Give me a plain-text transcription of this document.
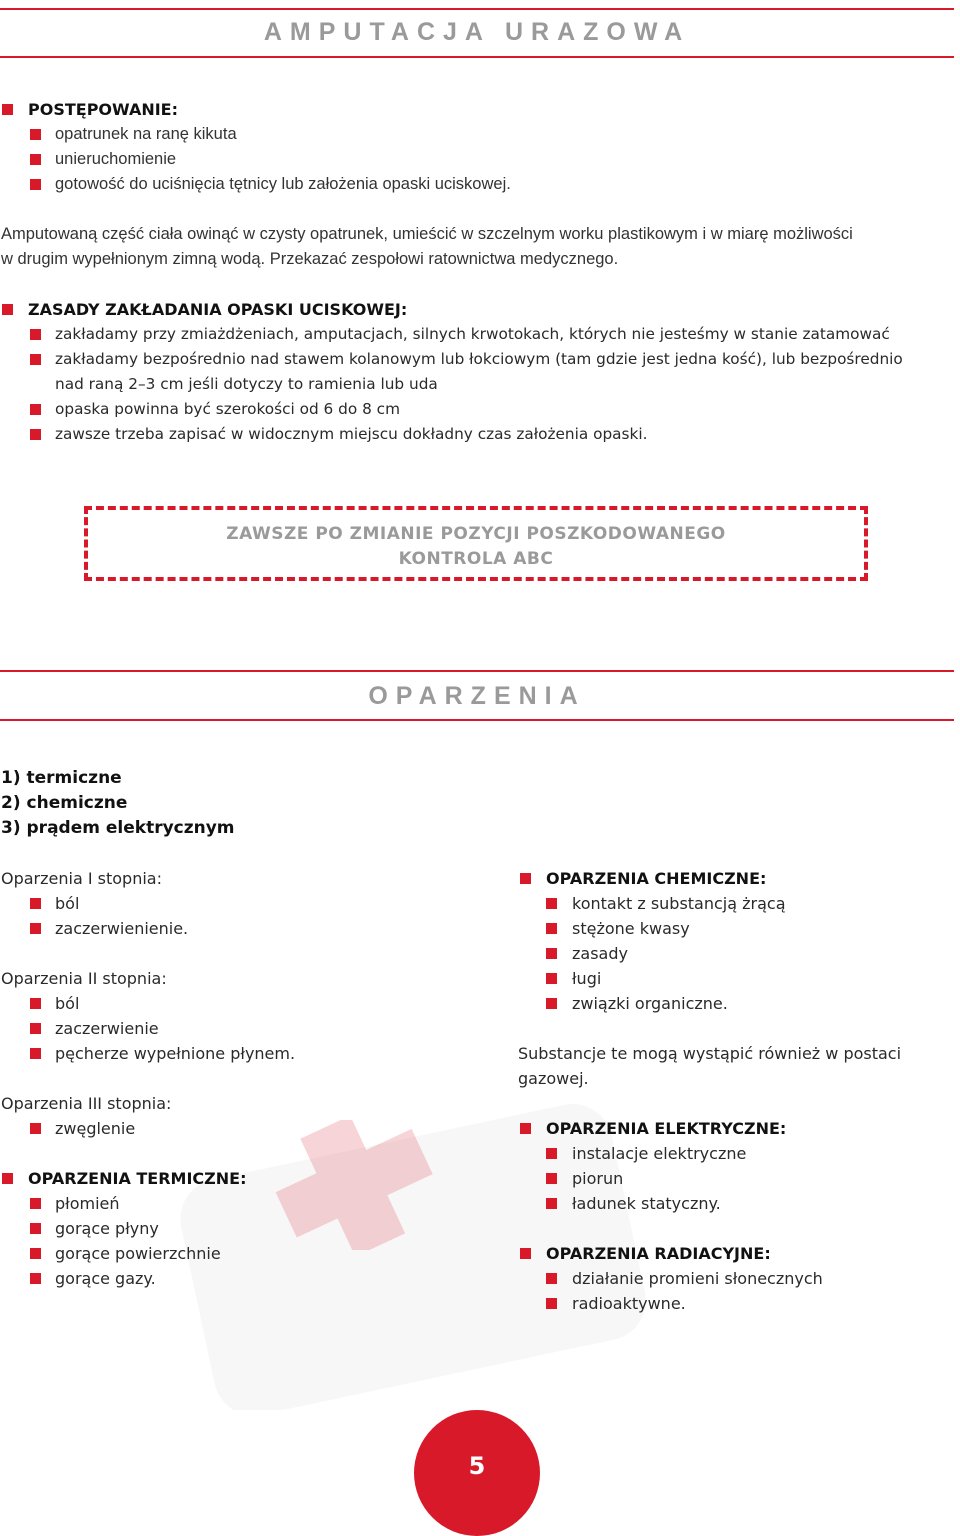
AMPUTACJA URAZOWA
POSTĘPOWANIE:
opatrunek na ranę kikuta
unieruchomienie
gotowość do uciśnięcia tętnicy lub założenia opaski uciskowej.
Amputowaną część ciała owinąć w czysty opatrunek, umieścić w szczelnym worku plastikowym i w miarę możliwości
w drugim wypełnionym zimną wodą. Przekazać zespołowi ratownictwa medycznego.
ZASADY ZAKŁADANIA OPASKI UCISKOWEJ:
zakładamy przy zmiażdżeniach, amputacjach, silnych krwotokach, których nie jesteśmy w stanie zatamować
zakładamy bezpośrednio nad stawem kolanowym lub łokciowym (tam gdzie jest jedna kość), lub bezpośrednio
nad raną 2–3 cm jeśli dotyczy to ramienia lub uda
opaska powinna być szerokości od 6 do 8 cm
zawsze trzeba zapisać w widocznym miejscu dokładny czas założenia opaski.
ZAWSZE PO ZMIANIE POZYCJI POSZKODOWANEGO
KONTROLA ABC
OPARZENIA
1) termiczne
2) chemiczne
3) prądem elektrycznym
Oparzenia I stopnia:
ból
zaczerwienienie.
Oparzenia II stopnia:
ból
zaczerwienie
pęcherze wypełnione płynem.
Oparzenia III stopnia:
zwęglenie
OPARZENIA TERMICZNE:
płomień
gorące płyny
gorące powierzchnie
gorące gazy.
OPARZENIA CHEMICZNE:
kontakt z substancją żrącą
stężone kwasy
zasady
ługi
związki organiczne.
Substancje te mogą wystąpić również w postaci
gazowej.
OPARZENIA ELEKTRYCZNE:
instalacje elektryczne
piorun
ładunek statyczny.
OPARZENIA RADIACYJNE:
działanie promieni słonecznych
radioaktywne.
5
